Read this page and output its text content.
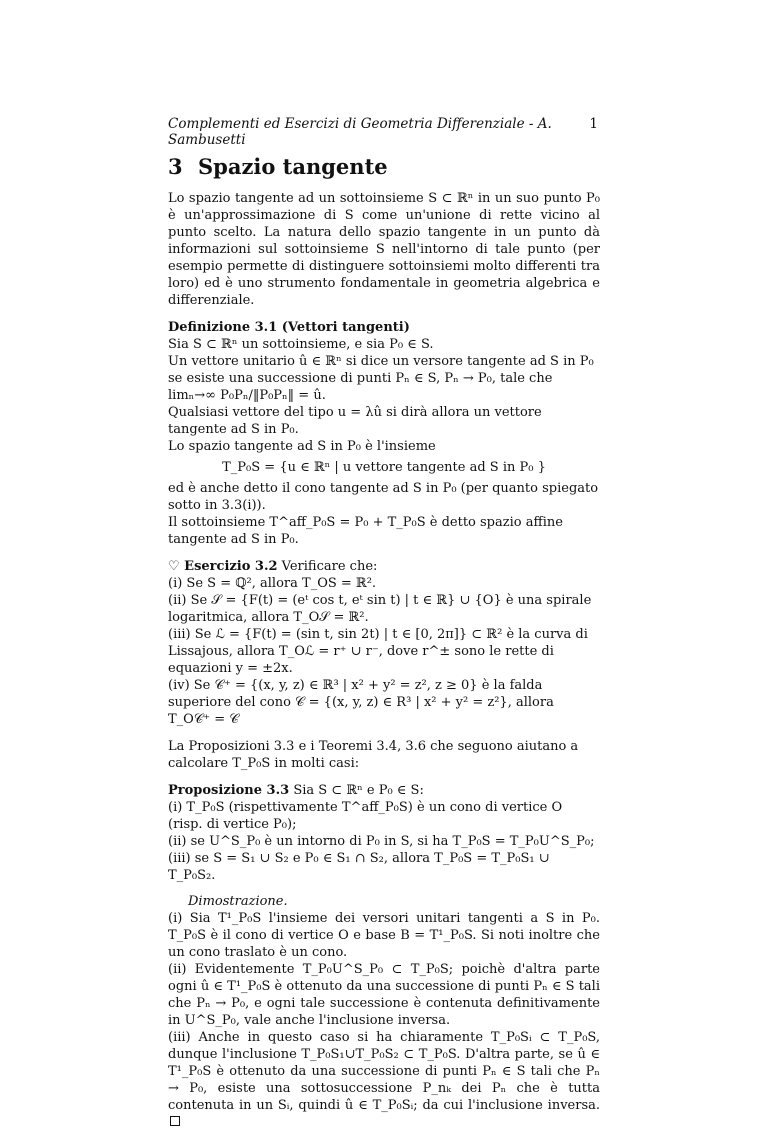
Complementi ed Esercizi di Geometria Differenziale - A. Sambusetti
1
3 Spazio tangente

Lo spazio tangente ad un sottoinsieme S ⊂ ℝⁿ in un suo punto P₀ è un'approssimazione di S come un'unione di rette vicino al punto scelto. La natura dello spazio tangente in un punto dà informazioni sul sottoinsieme S nell'intorno di tale punto (per esempio permette di distinguere sottoinsiemi molto differenti tra loro) ed è uno strumento fondamentale in geometria algebrica e differenziale.

Definizione 3.1 (Vettori tangenti)

Sia S ⊂ ℝⁿ un sottoinsieme, e sia P₀ ∈ S.

Un vettore unitario û ∈ ℝⁿ si dice un versore tangente ad S in P₀ se esiste una successione di punti Pₙ ∈ S, Pₙ → P₀, tale che limₙ→∞ P₀Pₙ/‖P₀Pₙ‖ = û.

Qualsiasi vettore del tipo u = λû si dirà allora un vettore tangente ad S in P₀.

Lo spazio tangente ad S in P₀ è l'insieme

T_P₀S = {u ∈ ℝⁿ | u vettore tangente ad S in P₀ }

ed è anche detto il cono tangente ad S in P₀ (per quanto spiegato sotto in 3.3(i)).

Il sottoinsieme T^aff_P₀S = P₀ + T_P₀S è detto spazio affine tangente ad S in P₀.

♡ Esercizio 3.2 Verificare che:

(i) Se S = ℚ², allora T_OS = ℝ².

(ii) Se 𝒮 = {F(t) = (eᵗ cos t, eᵗ sin t) | t ∈ ℝ} ∪ {O} è una spirale logaritmica, allora T_O𝒮 = ℝ².

(iii) Se ℒ = {F(t) = (sin t, sin 2t) | t ∈ [0, 2π]} ⊂ ℝ² è la curva di Lissajous, allora T_Oℒ = r⁺ ∪ r⁻, dove r^± sono le rette di equazioni y = ±2x.

(iv) Se 𝒞⁺ = {(x, y, z) ∈ ℝ³ | x² + y² = z², z ≥ 0} è la falda superiore del cono 𝒞 = {(x, y, z) ∈ R³ | x² + y² = z²}, allora T_O𝒞⁺ = 𝒞

La Proposizioni 3.3 e i Teoremi 3.4, 3.6 che seguono aiutano a calcolare T_P₀S in molti casi:

Proposizione 3.3 Sia S ⊂ ℝⁿ e P₀ ∈ S:

(i) T_P₀S (rispettivamente T^aff_P₀S) è un cono di vertice O (risp. di vertice P₀);

(ii) se U^S_P₀ è un intorno di P₀ in S, si ha T_P₀S = T_P₀U^S_P₀;

(iii) se S = S₁ ∪ S₂ e P₀ ∈ S₁ ∩ S₂, allora T_P₀S = T_P₀S₁ ∪ T_P₀S₂.

Dimostrazione.

(i) Sia T¹_P₀S l'insieme dei versori unitari tangenti a S in P₀. T_P₀S è il cono di vertice O e base B = T¹_P₀S. Si noti inoltre che un cono traslato è un cono.

(ii) Evidentemente T_P₀U^S_P₀ ⊂ T_P₀S; poichè d'altra parte ogni û ∈ T¹_P₀S è ottenuto da una successione di punti Pₙ ∈ S tali che Pₙ → P₀, e ogni tale successione è contenuta definitivamente in U^S_P₀, vale anche l'inclusione inversa.

(iii) Anche in questo caso si ha chiaramente T_P₀Sᵢ ⊂ T_P₀S, dunque l'inclusione T_P₀S₁∪T_P₀S₂ ⊂ T_P₀S. D'altra parte, se û ∈ T¹_P₀S è ottenuto da una successione di punti Pₙ ∈ S tali che Pₙ → P₀, esiste una sottosuccessione P_nₖ dei Pₙ che è tutta contenuta in un Sᵢ, quindi û ∈ T_P₀Sᵢ; da cui l'inclusione inversa.
